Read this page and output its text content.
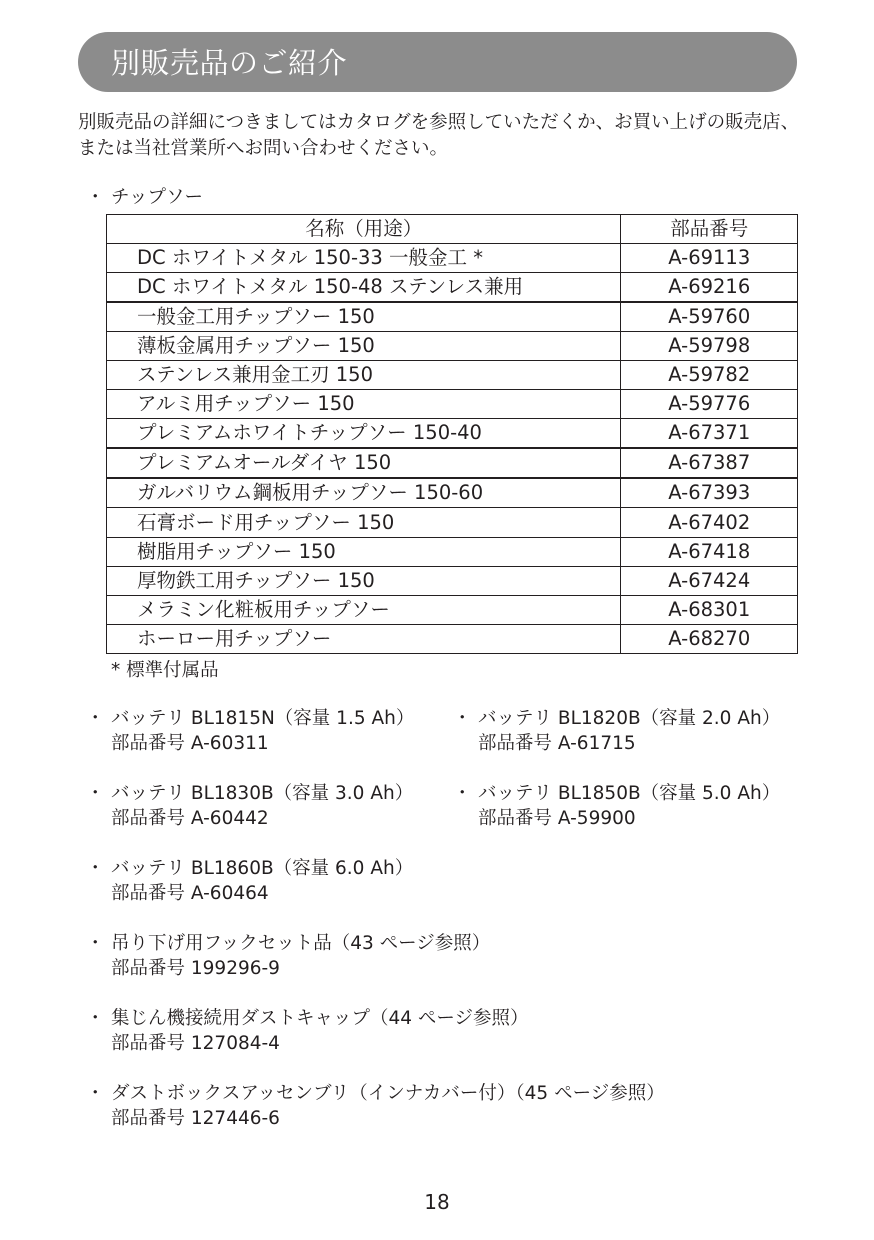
別販売品のご紹介

別販売品の詳細につきましてはカタログを参照していただくか、お買い上げの販売店、または当社営業所へお問い合わせください。

・ チップソー
名称（用途）	部品番号
DC ホワイトメタル 150-33 一般金工 *	A-69113
DC ホワイトメタル 150-48 ステンレス兼用	A-69216
一般金工用チップソー 150	A-59760
薄板金属用チップソー 150	A-59798
ステンレス兼用金工刃 150	A-59782
アルミ用チップソー 150	A-59776
プレミアムホワイトチップソー 150-40	A-67371
プレミアムオールダイヤ 150	A-67387
ガルバリウム鋼板用チップソー 150-60	A-67393
石膏ボード用チップソー 150	A-67402
樹脂用チップソー 150	A-67418
厚物鉄工用チップソー 150	A-67424
メラミン化粧板用チップソー	A-68301
ホーロー用チップソー	A-68270
* 標準付属品
・ バッテリ BL1815N（容量 1.5 Ah）
部品番号 A-60311
・ バッテリ BL1820B（容量 2.0 Ah）
部品番号 A-61715
・ バッテリ BL1830B（容量 3.0 Ah）
部品番号 A-60442
・ バッテリ BL1850B（容量 5.0 Ah）
部品番号 A-59900
・ バッテリ BL1860B（容量 6.0 Ah）
部品番号 A-60464
・ 吊り下げ用フックセット品（43 ページ参照）
部品番号 199296-9
・ 集じん機接続用ダストキャップ（44 ページ参照）
部品番号 127084-4
・ ダストボックスアッセンブリ（インナカバー付）（45 ページ参照）
部品番号 127446-6
18
